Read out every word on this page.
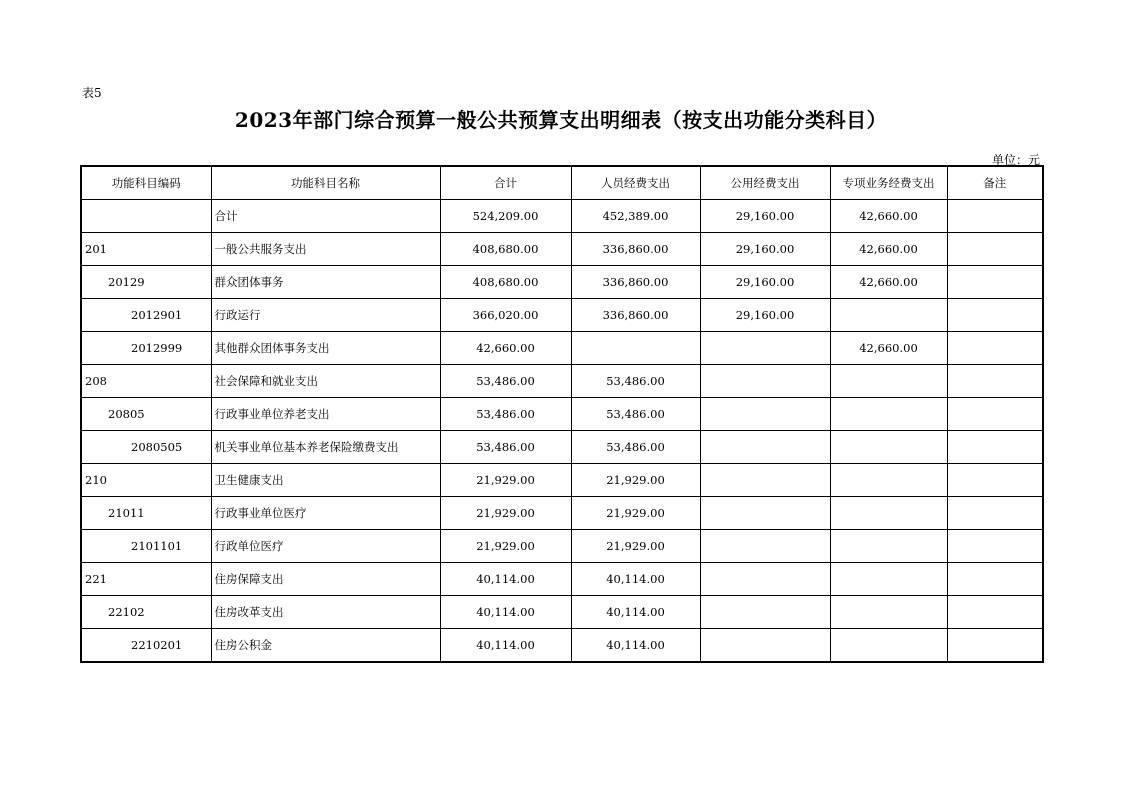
表5
2023年部门综合预算一般公共预算支出明细表（按支出功能分类科目）
单位：元
功能科目编码	功能科目名称	合计	人员经费支出	公用经费支出	专项业务经费支出	备注
	合计	524,209.00	452,389.00	29,160.00	42,660.00	
201	一般公共服务支出	408,680.00	336,860.00	29,160.00	42,660.00	
20129	群众团体事务	408,680.00	336,860.00	29,160.00	42,660.00	
2012901	行政运行	366,020.00	336,860.00	29,160.00		
2012999	其他群众团体事务支出	42,660.00			42,660.00	
208	社会保障和就业支出	53,486.00	53,486.00			
20805	行政事业单位养老支出	53,486.00	53,486.00			
2080505	机关事业单位基本养老保险缴费支出	53,486.00	53,486.00			
210	卫生健康支出	21,929.00	21,929.00			
21011	行政事业单位医疗	21,929.00	21,929.00			
2101101	行政单位医疗	21,929.00	21,929.00			
221	住房保障支出	40,114.00	40,114.00			
22102	住房改革支出	40,114.00	40,114.00			
2210201	住房公积金	40,114.00	40,114.00			
